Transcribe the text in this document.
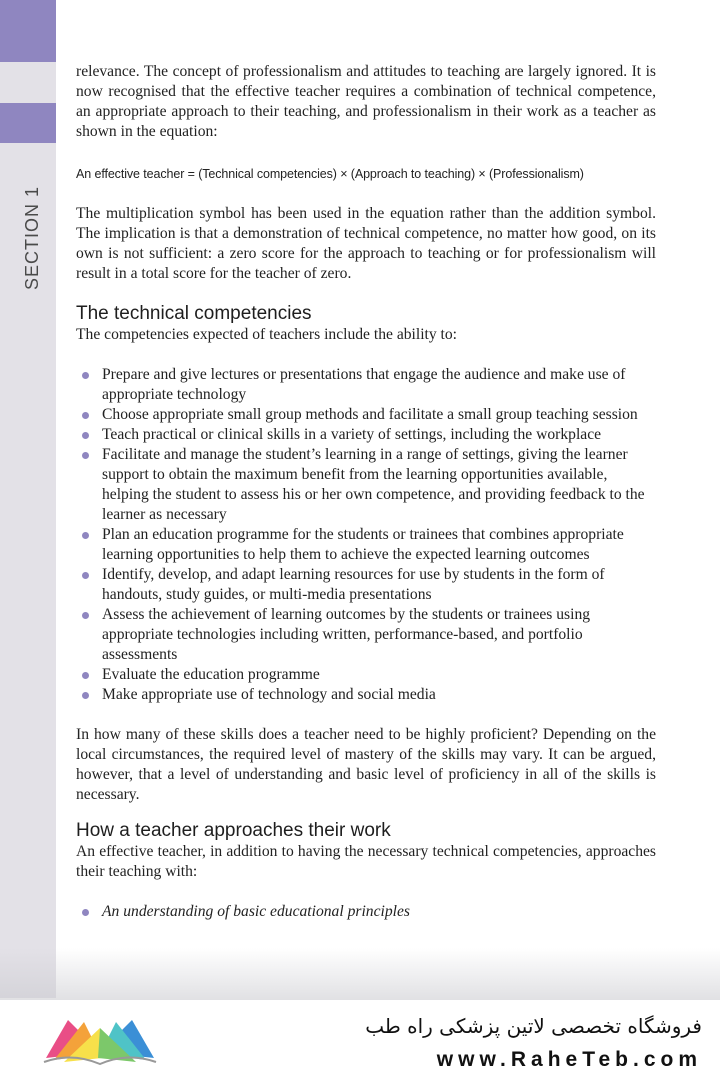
SECTION 1

relevance. The concept of professionalism and attitudes to teaching are largely ignored. It is now recognised that the effective teacher requires a combination of technical competence, an appropriate approach to their teaching, and professionalism in their work as a teacher as shown in the equation:

An effective teacher = (Technical competencies) × (Approach to teaching) × (Professionalism)

The multiplication symbol has been used in the equation rather than the addition symbol. The implication is that a demonstration of technical competence, no matter how good, on its own is not sufficient: a zero score for the approach to teaching or for professionalism will result in a total score for the teacher of zero.

The technical competencies

The competencies expected of teachers include the ability to:

Prepare and give lectures or presentations that engage the audience and make use of appropriate technology
Choose appropriate small group methods and facilitate a small group teaching session
Teach practical or clinical skills in a variety of settings, including the workplace
Facilitate and manage the student’s learning in a range of settings, giving the learner support to obtain the maximum benefit from the learning opportunities available, helping the student to assess his or her own competence, and providing feedback to the learner as necessary
Plan an education programme for the students or trainees that combines appropriate learning opportunities to help them to achieve the expected learning outcomes
Identify, develop, and adapt learning resources for use by students in the form of handouts, study guides, or multi-media presentations
Assess the achievement of learning outcomes by the students or trainees using appropriate technologies including written, performance-based, and portfolio assessments
Evaluate the education programme
Make appropriate use of technology and social media

In how many of these skills does a teacher need to be highly proficient? Depending on the local circumstances, the required level of mastery of the skills may vary. It can be argued, however, that a level of understanding and basic level of proficiency in all of the skills is necessary.

How a teacher approaches their work

An effective teacher, in addition to having the necessary technical competencies, approaches their teaching with:

An understanding of basic educational principles
فروشگاه تخصصی لاتین پزشکی راه طب
www.RaheTeb.com
